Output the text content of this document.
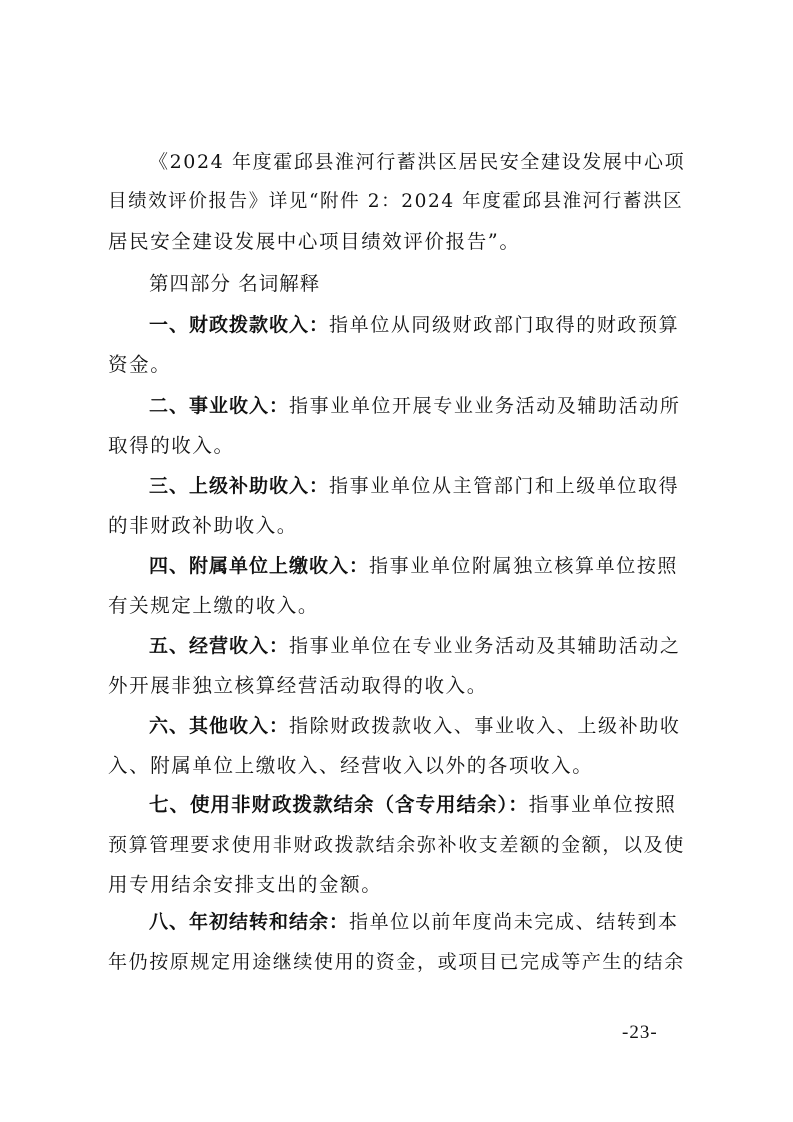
《2024 年度霍邱县淮河行蓄洪区居民安全建设发展中心项
目绩效评价报告》详见“附件 2：2024 年度霍邱县淮河行蓄洪区
居民安全建设发展中心项目绩效评价报告”。

第四部分 名词解释

一、财政拨款收入：指单位从同级财政部门取得的财政预算
资金。

二、事业收入：指事业单位开展专业业务活动及辅助活动所
取得的收入。

三、上级补助收入：指事业单位从主管部门和上级单位取得
的非财政补助收入。

四、附属单位上缴收入：指事业单位附属独立核算单位按照
有关规定上缴的收入。

五、经营收入：指事业单位在专业业务活动及其辅助活动之
外开展非独立核算经营活动取得的收入。

六、其他收入：指除财政拨款收入、事业收入、上级补助收
入、附属单位上缴收入、经营收入以外的各项收入。

七、使用非财政拨款结余（含专用结余）：指事业单位按照
预算管理要求使用非财政拨款结余弥补收支差额的金额，以及使
用专用结余安排支出的金额。

八、年初结转和结余：指单位以前年度尚未完成、结转到本
年仍按原规定用途继续使用的资金，或项目已完成等产生的结余

-23-
